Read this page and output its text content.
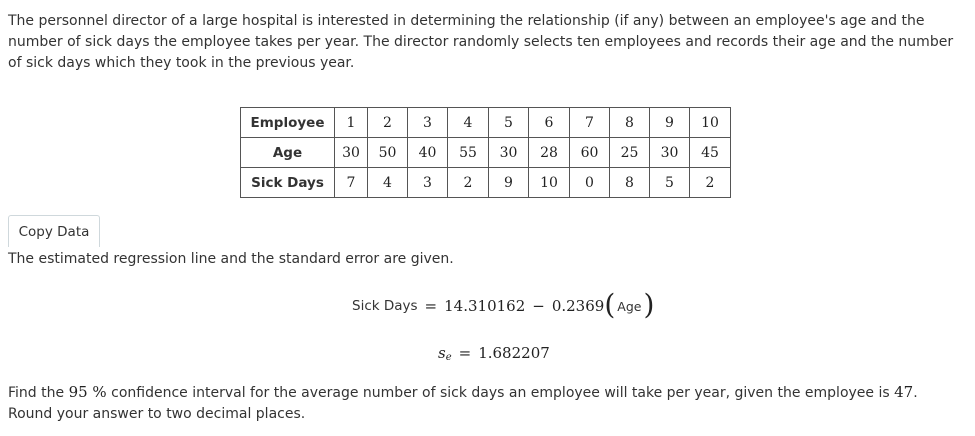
The personnel director of a large hospital is interested in determining the relationship (if any) between an employee's age and the number of sick days the employee takes per year. The director randomly selects ten employees and records their age and the number of sick days which they took in the previous year.

Employee	1	2	3	4	5	6	7	8	9	10
Age	30	50	40	55	30	28	60	25	30	45
Sick Days	7	4	3	2	9	10	0	8	5	2
Copy Data

The estimated regression line and the standard error are given.

Sick Days = 14.310162 − 0.2369 ( Age )
s e = 1.682207

Find the 95 % confidence interval for the average number of sick days an employee will take per year, given the employee is 47. Round your answer to two decimal places.
